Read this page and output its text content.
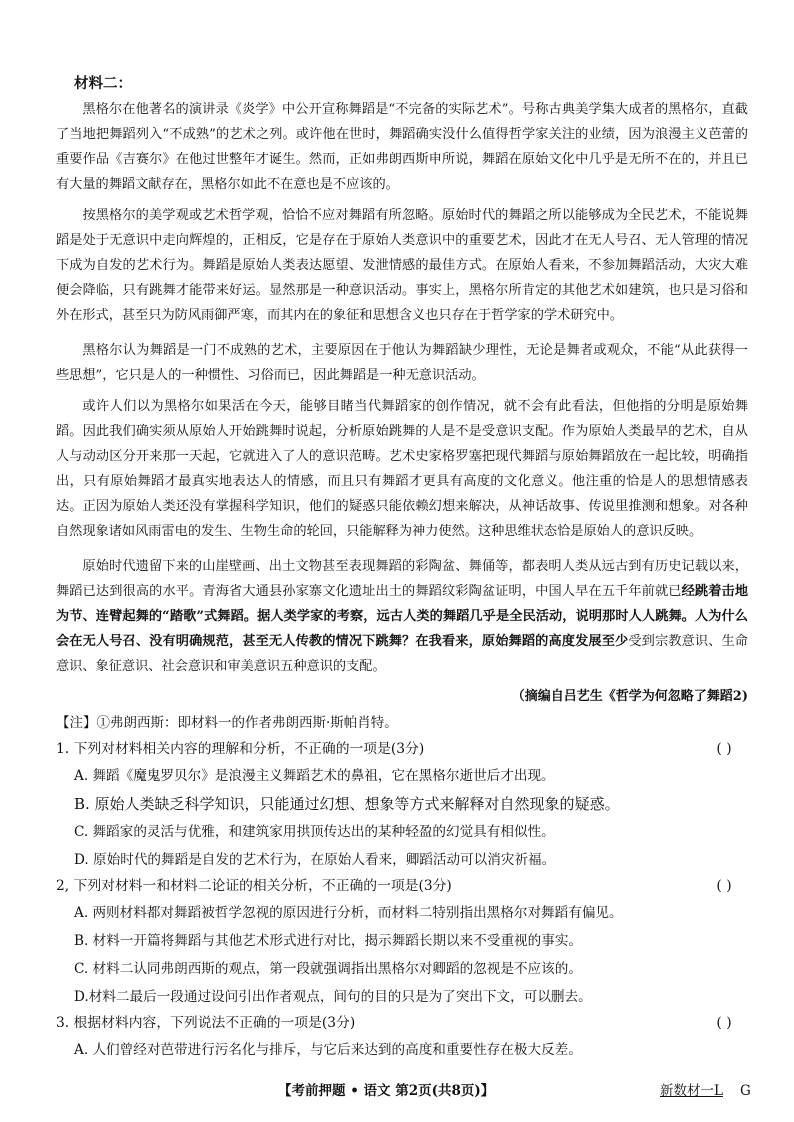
材料二：

黑格尔在他著名的演讲录《炎学》中公开宣称舞蹈是“不完备的实际艺术”。号称古典美学集大成者的黑格尔，直截了当地把舞蹈列入“不成熟”的艺术之列。或许他在世时，舞蹈确实没什么值得哲学家关注的业绩，因为浪漫主义芭蕾的重要作品《吉赛尔》在他过世整年才诞生。然而，正如弗朗西斯申所说，舞蹈在原始文化中几乎是无所不在的，并且已有大量的舞蹈文献存在，黑格尔如此不在意也是不应该的。

按黑格尔的美学观或艺术哲学观，恰恰不应对舞蹈有所忽略。原始时代的舞蹈之所以能够成为全民艺术，不能说舞蹈是处于无意识中走向辉煌的，正相反，它是存在于原始人类意识中的重要艺术，因此才在无人号召、无人管理的情况下成为自发的艺术行为。舞蹈是原始人类表达愿望、发泄情感的最佳方式。在原始人看来，不参加舞蹈活动，大灾大难便会降临，只有跳舞才能带来好运。显然那是一种意识活动。事实上，黑格尔所肯定的其他艺术如建筑，也只是习俗和外在形式，甚至只为防风雨御严寒，而其内在的象征和思想含义也只存在于哲学家的学术研究中。

黑格尔认为舞蹈是一门不成熟的艺术，主要原因在于他认为舞蹈缺少理性，无论是舞者或观众，不能“从此获得一些思想”，它只是人的一种惯性、习俗而已，因此舞蹈是一种无意识活动。

或许人们以为黑格尔如果活在今天，能够目睹当代舞蹈家的创作情况，就不会有此看法，但他指的分明是原始舞蹈。因此我们确实须从原始人开始跳舞时说起，分析原始跳舞的人是不是受意识支配。作为原始人类最早的艺术，自从人与动动区分开来那一天起，它就进入了人的意识范畴。艺术史家格罗塞把现代舞蹈与原始舞蹈放在一起比较，明确指出，只有原始舞蹈才最真实地表达人的情感，而且只有舞蹈才更具有高度的文化意义。他注重的恰是人的思想情感表达。正因为原始人类还没有掌握科学知识，他们的疑惑只能依赖幻想来解决，从神话故事、传说里推测和想象。对各种自然现象诸如风雨雷电的发生、生物生命的轮回，只能解释为神力使然。这种思维状态恰是原始人的意识反映。

原始时代遗留下来的山崖壁画、出土文物甚至表现舞蹈的彩陶盆、舞俑等，都表明人类从远古到有历史记载以来，舞蹈已达到很高的水平。青海省大通县孙家寨文化遗址出土的舞蹈纹彩陶盆证明，中国人早在五千年前就已经跳着击地为节、连臂起舞的“踏歌”式舞蹈。据人类学家的考察，远古人类的舞蹈几乎是全民活动，说明那时人人跳舞。人为什么会在无人号召、没有明确规范，甚至无人传教的情况下跳舞？在我看来，原始舞蹈的高度发展至少受到宗教意识、生命意识、象征意识、社会意识和审美意识五种意识的支配。

（摘编自吕艺生《哲学为何忽略了舞蹈2)
【注】①弗朗西斯：即材料一的作者弗朗西斯·斯帕肖特。
1. 下列对材料相关内容的理解和分析，不正确的一项是(3分)	( )
A. 舞蹈《魔鬼罗贝尔》是浪漫主义舞蹈艺术的鼻祖，它在黑格尔逝世后才出现。
B. 原始人类缺乏科学知识，只能通过幻想、想象等方式来解释对自然现象的疑惑。
C. 舞蹈家的灵活与优雅，和建筑家用拱顶传达出的某种轻盈的幻觉具有相似性。
D. 原始时代的舞蹈是自发的艺术行为，在原始人看来，卿蹈活动可以消灾祈福。
2, 下列对材料一和材料二论证的相关分析，不正确的一项是(3分)	( )
A. 两则材料都对舞蹈被哲学忽视的原因进行分析，而材料二特别指出黑格尔对舞蹈有偏见。
B. 材料一开篇将舞蹈与其他艺术形式进行对比，揭示舞蹈长期以来不受重视的事实。
C. 材料二认同弗朗西斯的观点，第一段就强调指出黑格尔对卿蹈的忽视是不应该的。
D.材料二最后一段通过设问引出作者观点，间句的目的只是为了突出下文，可以删去。
3. 根据材料内容，下列说法不正确的一项是(3分)	( )
A. 人们曾经对芭带进行污名化与排斥，与它后来达到的高度和重要性存在极大反差。
【考前押题 • 语文 第2页(共8页)】	新数材一L G
